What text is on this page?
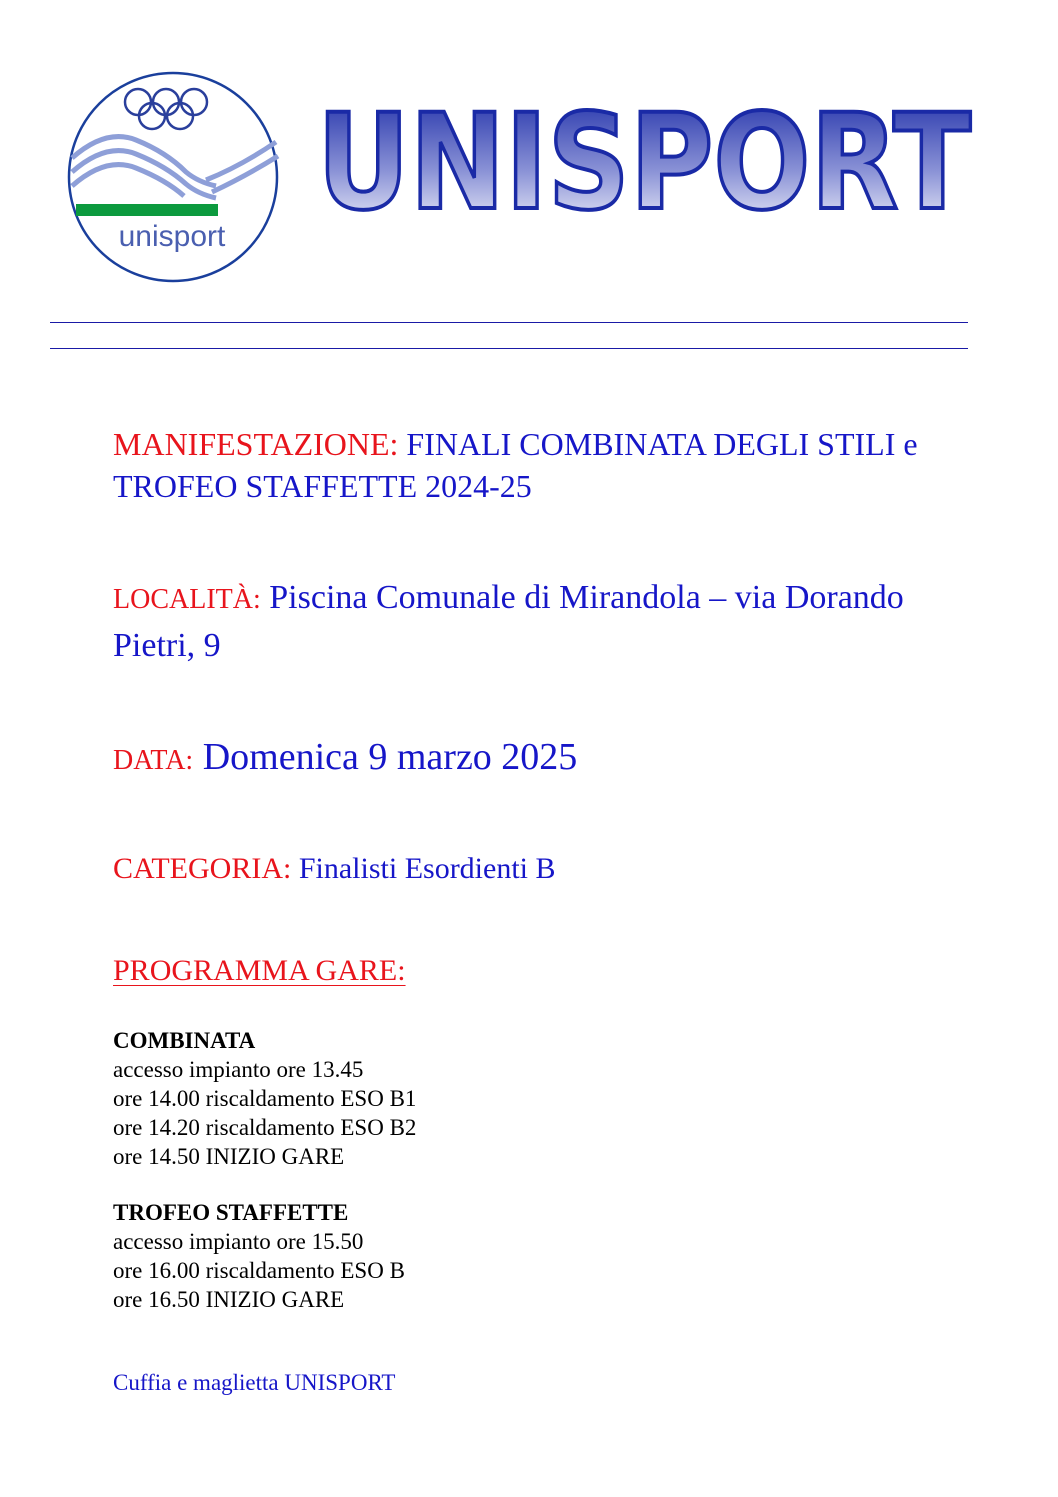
unisport UNISPORT
MANIFESTAZIONE: FINALI COMBINATA DEGLI STILI e TROFEO STAFFETTE 2024-25
LOCALITÀ: Piscina Comunale di Mirandola – via Dorando Pietri, 9
DATA: Domenica 9 marzo 2025
CATEGORIA: Finalisti Esordienti B
PROGRAMMA GARE:
COMBINATA
accesso impianto ore 13.45
ore 14.00 riscaldamento ESO B1
ore 14.20 riscaldamento ESO B2
ore 14.50 INIZIO GARE
TROFEO STAFFETTE
accesso impianto ore 15.50
ore 16.00 riscaldamento ESO B
ore 16.50 INIZIO GARE
Cuffia e maglietta UNISPORT
